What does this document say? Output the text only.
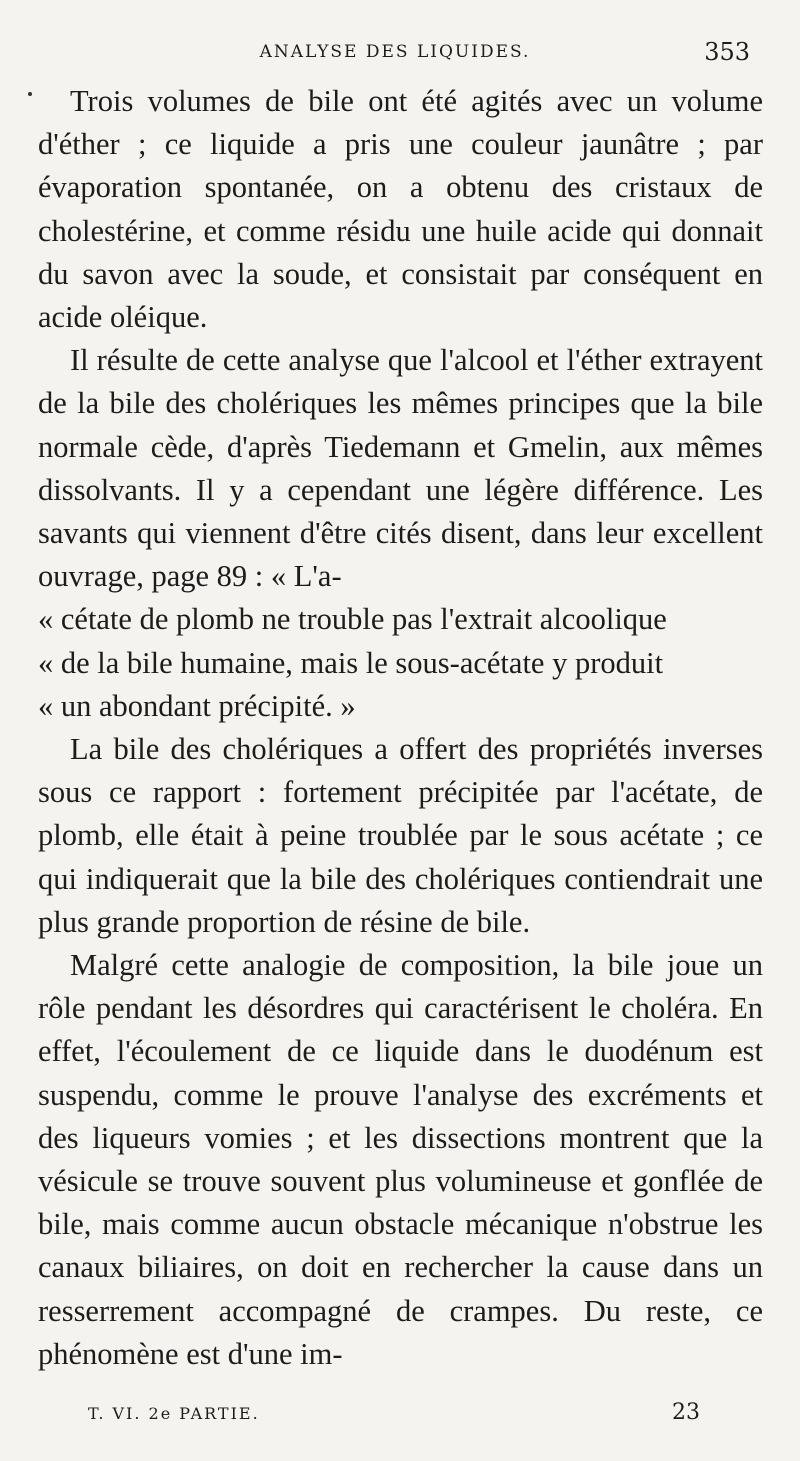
ANALYSE DES LIQUIDES.	353

Trois volumes de bile ont été agités avec un volume d'éther ; ce liquide a pris une couleur jaunâtre ; par évaporation spontanée, on a obtenu des cristaux de cholestérine, et comme résidu une huile acide qui donnait du savon avec la soude, et consistait par conséquent en acide oléique.

Il résulte de cette analyse que l'alcool et l'éther extrayent de la bile des cholériques les mêmes principes que la bile normale cède, d'après Tiedemann et Gmelin, aux mêmes dissolvants. Il y a cependant une légère différence. Les savants qui viennent d'être cités disent, dans leur excellent ouvrage, page 89 : « L'a-
« cétate de plomb ne trouble pas l'extrait alcoolique
« de la bile humaine, mais le sous-acétate y produit
« un abondant précipité. »

La bile des cholériques a offert des propriétés inverses sous ce rapport : fortement précipitée par l'acétate, de plomb, elle était à peine troublée par le sous acétate ; ce qui indiquerait que la bile des cholériques contiendrait une plus grande proportion de résine de bile.

Malgré cette analogie de composition, la bile joue un rôle pendant les désordres qui caractérisent le choléra. En effet, l'écoulement de ce liquide dans le duodénum est suspendu, comme le prouve l'analyse des excréments et des liqueurs vomies ; et les dissections montrent que la vésicule se trouve souvent plus volumineuse et gonflée de bile, mais comme aucun obstacle mécanique n'obstrue les canaux biliaires, on doit en rechercher la cause dans un resserrement accompagné de crampes. Du reste, ce phénomène est d'une im-

T. VI. 2e PARTIE.	23
